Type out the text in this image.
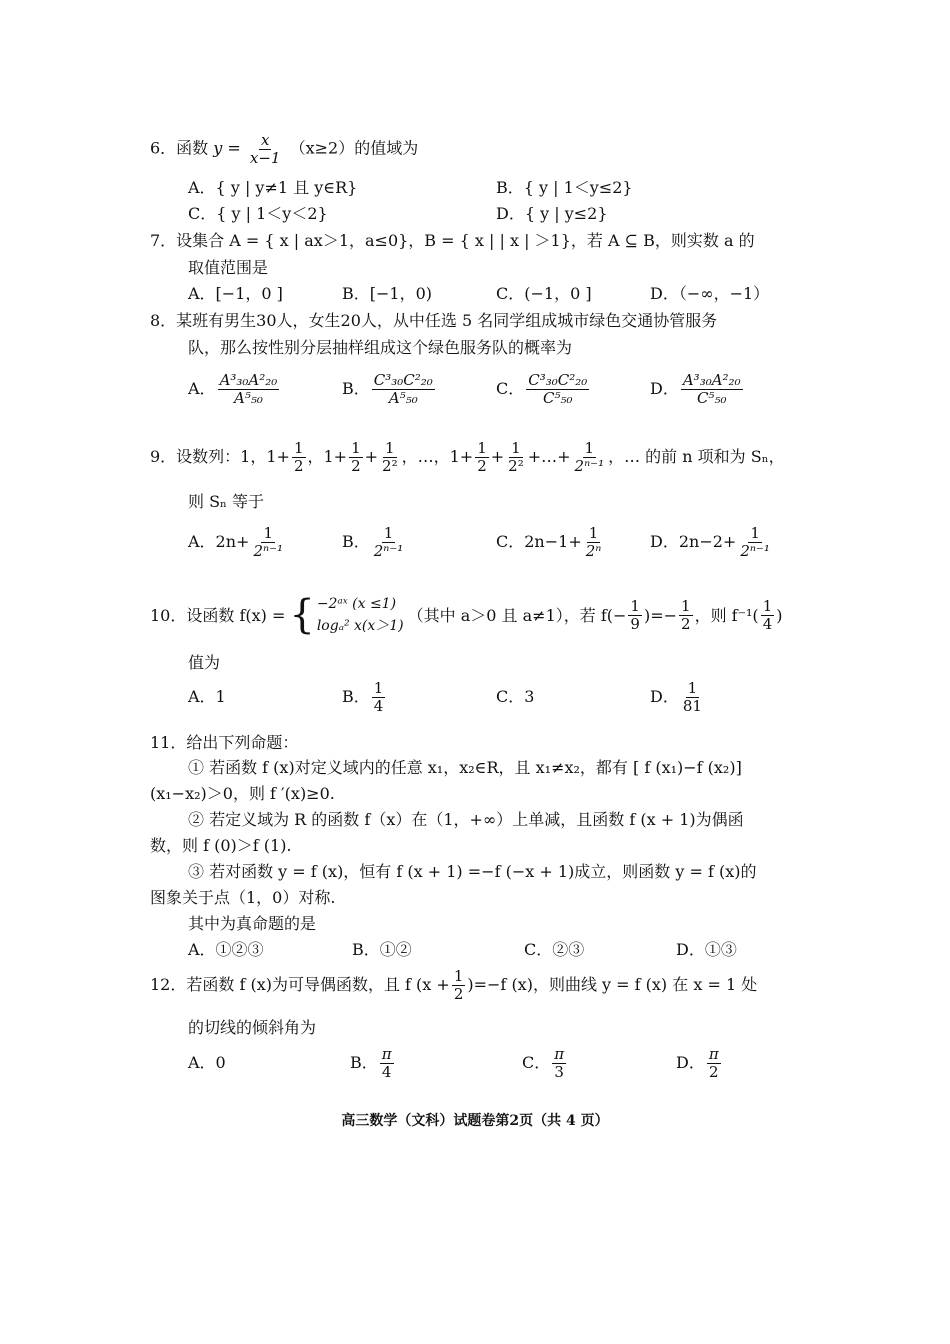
6．函数 $y = \frac{x}{x-1} (x\ge 2)$的值域为
A．{ y | y≠1 且 y∈R}	B．{ y | 1＜y≤2}
C．{ y | 1＜y＜2}	D．{ y | y≤2}
7．设集合 A = { x | ax＞1，a≤0}，B = { x | | x | ＞1}，若 A ⊆ B，则实数 a 的
取值范围是
A．[−1，0 ]	B．[−1，0)	C．(−1，0 ]	D．（−∞，−1）
8．某班有男生30人，女生20人，从中任选 5 名同学组成城市绿色交通协管服务
队，那么按性别分层抽样组成这个绿色服务队的概率为
A． $\frac{\text{A³₃₀A²₂₀}}{\text{A⁵₅₀}}$	B． $\frac{\text{C³₃₀C²₂₀}}{\text{A⁵₅₀}}$	C． $\frac{\text{C³₃₀C²₂₀}}{\text{C⁵₅₀}}$	D． $\frac{\text{A³₃₀A²₂₀}}{\text{C⁵₅₀}}$
9．设数列：1，$1+ \frac{1}{2}$ ，$1+ \frac{1}{2} + \frac{1}{\text{2²}}$ ，…，$1+ \frac{1}{2} + \frac{1}{\text{2²}}$ +…+ $\frac{1}{\text{2ⁿ⁻¹}}$ ，… 的前 n 项和为 Sₙ，
则 Sₙ 等于
A．$2n+ \frac{1}{\text{2ⁿ⁻¹}}$	B． $\frac{1}{\text{2ⁿ⁻¹}}$	C．$2n-1+ \frac{1}{\text{2ⁿ}}$	D．$2n-2+ \frac{1}{\text{2ⁿ⁻¹}}$
10．设函数 f(x) = { −2ᵃˣ (x ≤1)
logₐ² x(x＞1)
（其中 a＞0 且 a≠1），若 $f(- \frac{1}{9}$ )=− $\frac{1}{2}$ ，则 $f^{-1}( \frac{1}{4}$ )
值为
A．1	B． $\frac{1}{4}$	C．3	D． $\frac{1}{81}$
11．给出下列命题：
① 若函数 f (x)对定义域内的任意 x₁，x₂∈R，且 x₁≠x₂，都有 [ f (x₁)−f (x₂)]
(x₁−x₂)＞0，则 f ′(x)≥0.
② 若定义域为 R 的函数 f（x）在（1，+∞）上单减，且函数 f (x + 1)为偶函
数，则 f (0)＞f (1).
③ 若对函数 y = f (x)，恒有 f (x + 1) =−f (−x + 1)成立，则函数 y = f (x)的
图象关于点（1，0）对称.
其中为真命题的是
A．①②③	B．①②	C．②③	D．①③
12．若函数 f (x)为可导偶函数，且 f $(x + \frac{1}{2} )=-f$ (x)，则曲线 y = f (x) 在 x = 1 处
的切线的倾斜角为
A．0	B． $\frac{\pi}{4}$	C． $\frac{\pi}{3}$	D． $\frac{\pi}{2}$
高三数学（文科）试题卷第2页（共 4 页）
